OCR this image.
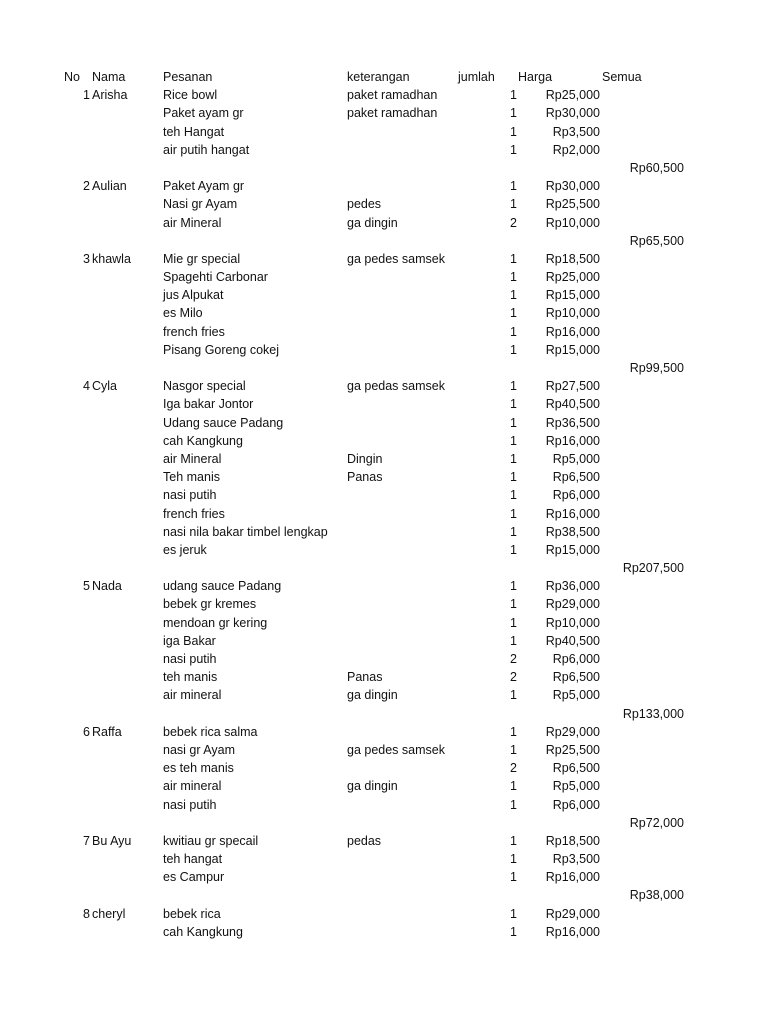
No Nama	Pesanan	keterangan	jumlah Harga	Semua
1 Arisha	Rice bowl	paket ramadhan	1	Rp25,000
Paket ayam gr	paket ramadhan	1	Rp30,000
teh Hangat	1	Rp3,500
air putih hangat	1	Rp2,000
Rp60,500
2 Aulian	Paket Ayam gr	1	Rp30,000
Nasi gr Ayam	pedes	1	Rp25,500
air Mineral	ga dingin	2	Rp10,000
Rp65,500
3 khawla	Mie gr special	ga pedes samsek	1	Rp18,500
Spagehti Carbonar	1	Rp25,000
jus Alpukat	1	Rp15,000
es Milo	1	Rp10,000
french fries	1	Rp16,000
Pisang Goreng cokej	1	Rp15,000
Rp99,500
4 Cyla	Nasgor special	ga pedas samsek	1	Rp27,500
Iga bakar Jontor	1	Rp40,500
Udang sauce Padang	1	Rp36,500
cah Kangkung	1	Rp16,000
air Mineral	Dingin	1	Rp5,000
Teh manis	Panas	1	Rp6,500
nasi putih	1	Rp6,000
french fries	1	Rp16,000
nasi nila bakar timbel lengkap	1	Rp38,500
es jeruk	1	Rp15,000
Rp207,500
5 Nada	udang sauce Padang	1	Rp36,000
bebek gr kremes	1	Rp29,000
mendoan gr kering	1	Rp10,000
iga Bakar	1	Rp40,500
nasi putih	2	Rp6,000
teh manis	Panas	2	Rp6,500
air mineral	ga dingin	1	Rp5,000
Rp133,000
6 Raffa	bebek rica salma	1	Rp29,000
nasi gr Ayam	ga pedes samsek	1	Rp25,500
es teh manis	2	Rp6,500
air mineral	ga dingin	1	Rp5,000
nasi putih	1	Rp6,000
Rp72,000
7 Bu Ayu	kwitiau gr specail	pedas	1	Rp18,500
teh hangat	1	Rp3,500
es Campur	1	Rp16,000
Rp38,000
8 cheryl	bebek rica	1	Rp29,000
cah Kangkung	1	Rp16,000
